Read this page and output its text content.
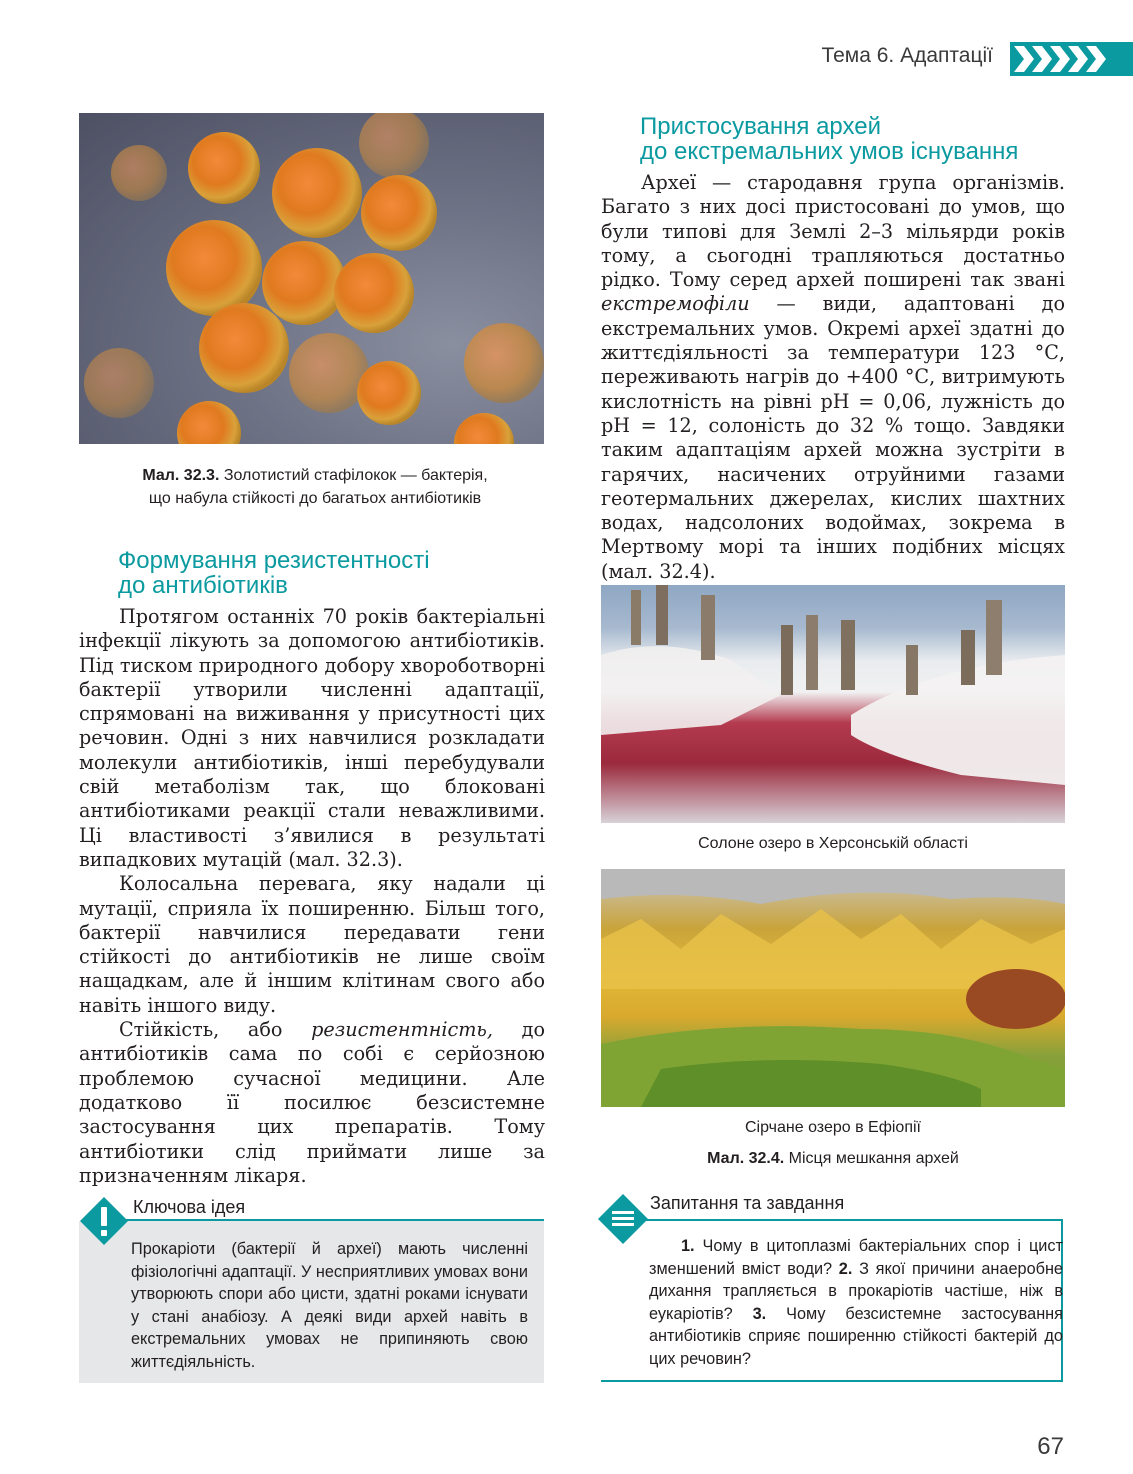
Тема 6. Адаптації
Мал. 32.3. Золотистий стафілокок — бактерія,
що набула стійкості до багатьох антибіотиків
Формування резистентності
до антибіотиків

Протягом останніх 70 років бактеріальні інфекції лікують за допомогою антибіотиків. Під тиском природного добору хвороботворні бактерії утворили численні адаптації, спрямовані на виживання у присутності цих речовин. Одні з них навчилися розкладати молекули антибіотиків, інші перебудували свій метаболізм так, що блоковані антибіотиками реакції стали неважливими. Ці властивості з’явилися в результаті випадкових мутацій (мал. 32.3).

Колосальна перевага, яку надали ці мутації, сприяла їх поширенню. Більш того, бактерії навчилися передавати гени стійкості до антибіотиків не лише своїм нащадкам, але й іншим клітинам свого або навіть іншого виду.

Стійкість, або резистентність, до антибіотиків сама по собі є серйозною проблемою сучасної медицини. Але додатково її посилює безсистемне застосування цих препаратів. Тому антибіотики слід приймати лише за призначенням лікаря.

Пристосування архей
до екстремальних умов існування

Археї — стародавня група організмів. Багато з них досі пристосовані до умов, що були типові для Землі 2–3 мільярди років тому, а сьогодні трапляються достатньо рідко. Тому серед архей поширені так звані екстремофіли — види, адаптовані до екстремальних умов. Окремі археї здатні до життєдіяльності за температури 123 °С, переживають нагрів до +400 °С, витримують кислотність на рівні pH = 0,06, лужність до pH = 12, солоність до 32 % тощо. Завдяки таким адаптаціям архей можна зустріти в гарячих, насичених отруйними газами геотермальних джерелах, кислих шахтних водах, надсолоних водоймах, зокрема в Мертвому морі та інших подібних місцях (мал. 32.4).

Солоне озеро в Херсонській області
Сірчане озеро в Ефіопії
Мал. 32.4. Місця мешкання архей
Ключова ідея
Прокаріоти (бактерії й археї) мають численні фізіологічні адаптації. У несприятливих умовах вони утворюють спори або цисти, здатні роками існувати у стані анабіозу. А деякі види архей навіть в екстремальних умовах не припиняють свою життєдіяльність.
Запитання та завдання
1. Чому в цитоплазмі бактеріальних спор і цист зменшений вміст води? 2. З якої причини анаеробне дихання трапляється в прокаріотів частіше, ніж в еукаріотів? 3. Чому безсистемне застосування антибіотиків сприяє поширенню стійкості бактерій до цих речовин?
67
